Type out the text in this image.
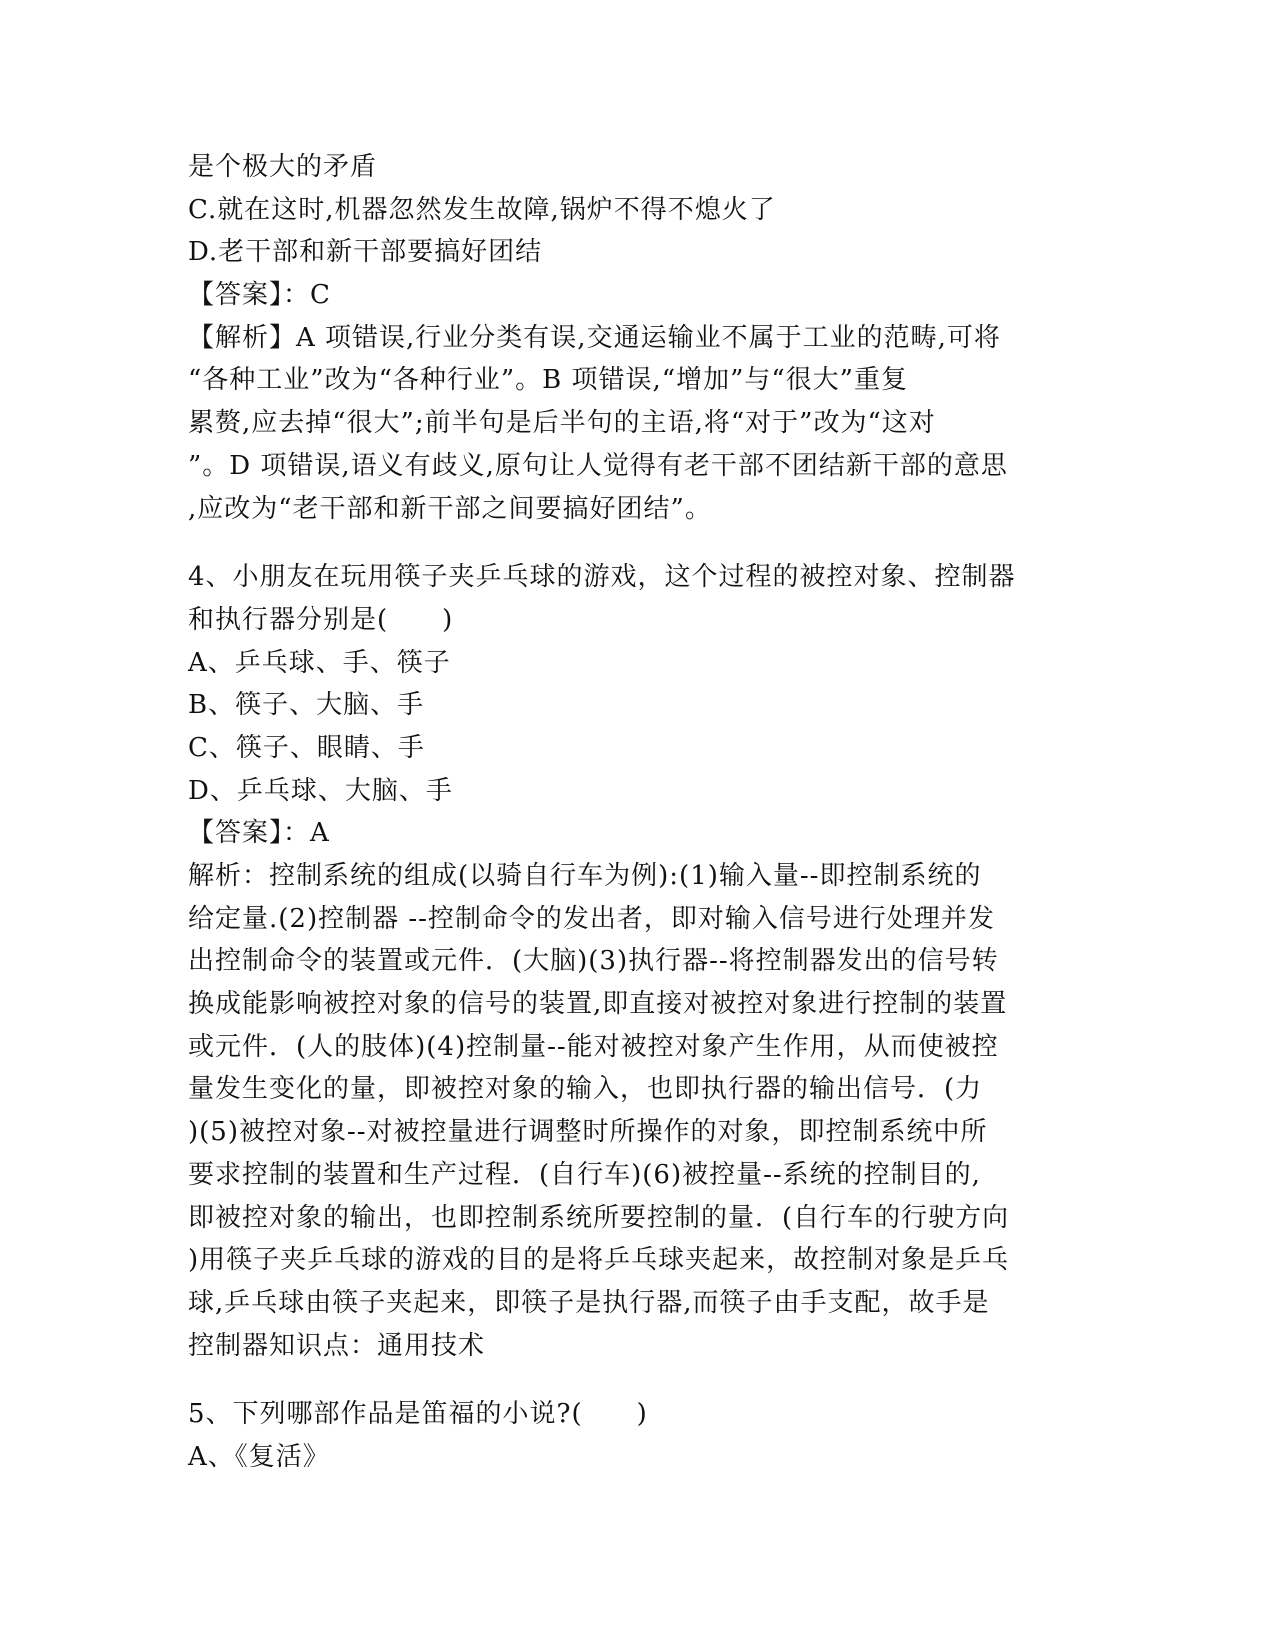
是个极大的矛盾
C.就在这时,机器忽然发生故障,锅炉不得不熄火了
D.老干部和新干部要搞好团结
【答案】：C
【解析】A 项错误,行业分类有误,交通运输业不属于工业的范畴,可将
“各种工业”改为“各种行业”。B 项错误,“增加”与“很大”重复
累赘,应去掉“很大”;前半句是后半句的主语,将“对于”改为“这对
”。D 项错误,语义有歧义,原句让人觉得有老干部不团结新干部的意思
,应改为“老干部和新干部之间要搞好团结”。
4、小朋友在玩用筷子夹乒乓球的游戏，这个过程的被控对象、控制器
和执行器分别是(　　)
A、乒乓球、手、筷子
B、筷子、大脑、手
C、筷子、眼睛、手
D、乒乓球、大脑、手
【答案】：A
解析：控制系统的组成(以骑自行车为例):(1)输入量--即控制系统的
给定量.(2)控制器 --控制命令的发出者，即对输入信号进行处理并发
出控制命令的装置或元件．(大脑)(3)执行器--将控制器发出的信号转
换成能影响被控对象的信号的装置,即直接对被控对象进行控制的装置
或元件．(人的肢体)(4)控制量--能对被控对象产生作用，从而使被控
量发生变化的量，即被控对象的输入，也即执行器的输出信号．(力
)(5)被控对象--对被控量进行调整时所操作的对象，即控制系统中所
要求控制的装置和生产过程．(自行车)(6)被控量--系统的控制目的,
即被控对象的输出，也即控制系统所要控制的量．(自行车的行驶方向
)用筷子夹乒乓球的游戏的目的是将乒乓球夹起来，故控制对象是乒乓
球,乒乓球由筷子夹起来，即筷子是执行器,而筷子由手支配，故手是
控制器知识点：通用技术
5、下列哪部作品是笛福的小说?(　　)
A、《复活》
